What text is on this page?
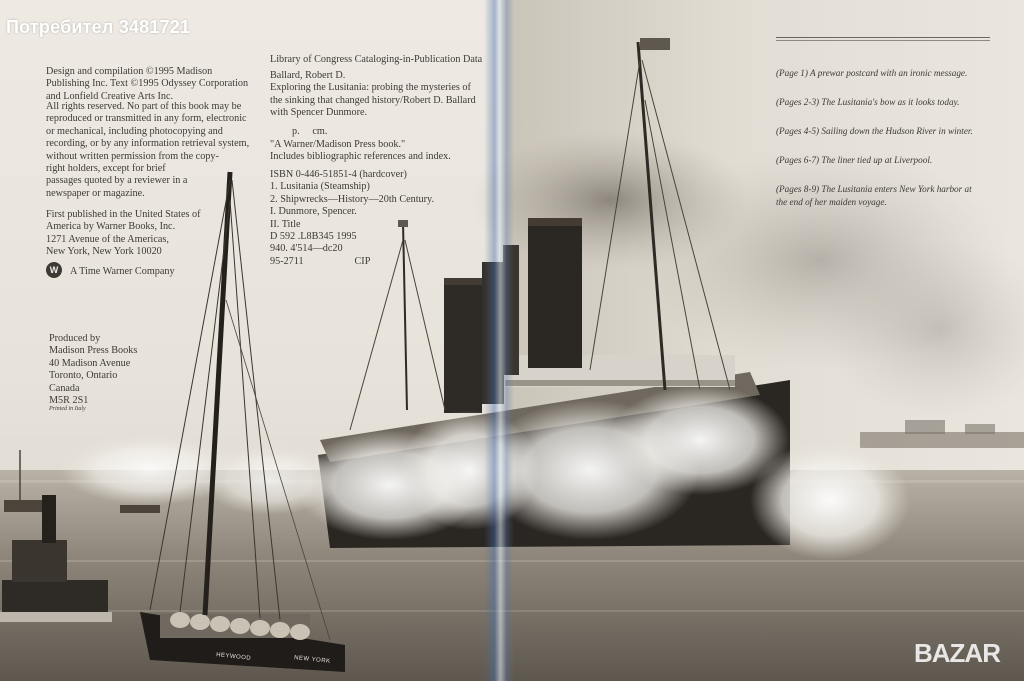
Потребител 3481721
Design and compilation ©1995 Madison
Publishing Inc. Text ©1995 Odyssey Corporation
and Lonfield Creative Arts Inc.
All rights reserved. No part of this book may be
reproduced or transmitted in any form, electronic
or mechanical, including photocopying and
recording, or by any information retrieval system,
without written permission from the copy-
right holders, except for brief
passages quoted by a reviewer in a
newspaper or magazine.
First published in the United States of
America by Warner Books, Inc.
1271 Avenue of the Americas,
New York, New York 10020
W	A Time Warner Company
Produced by
Madison Press Books
40 Madison Avenue
Toronto, Ontario
Canada
M5R 2S1
Printed in Italy
Library of Congress Cataloging-in-Publication Data
Ballard, Robert D.
Exploring the Lusitania: probing the mysteries of
the sinking that changed history/Robert D. Ballard
with Spencer Dunmore.
p.     cm.
"A Warner/Madison Press book."
Includes bibliographic references and index.
ISBN 0-446-51851-4 (hardcover)
1. Lusitania (Steamship)
2. Shipwrecks—History—20th Century.
I. Dunmore, Spencer.
II. Title
D 592 .L8B345 1995
940. 4'514—dc20
95-2711                    CIP
HEYWOOD	NEW YORK
(Page 1) A prewar postcard with an ironic message.
(Pages 2-3) The Lusitania's bow as it looks today.
(Pages 4-5) Sailing down the Hudson River in winter.
(Pages 6-7) The liner tied up at Liverpool.
(Pages 8-9) The Lusitania enters New York harbor at
the end of her maiden voyage.
BAZAR
